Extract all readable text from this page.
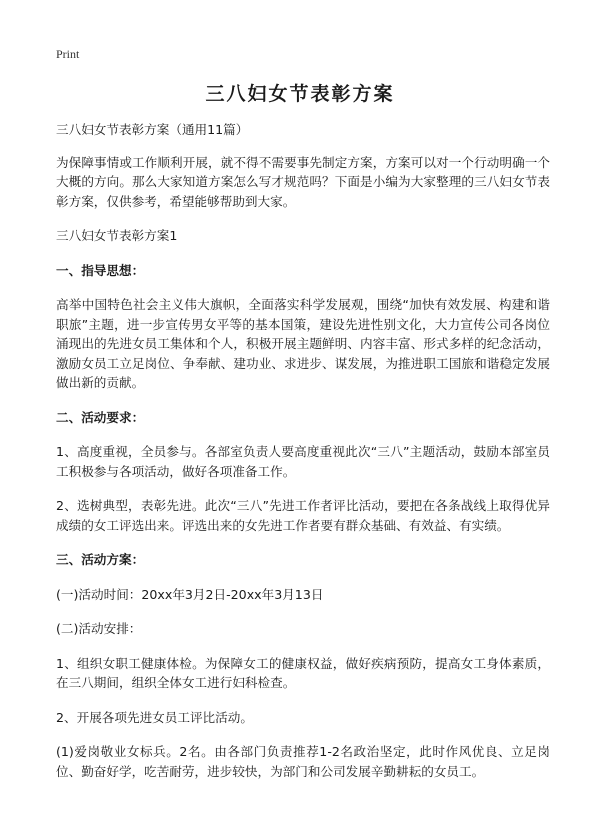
Print

三八妇女节表彰方案

三八妇女节表彰方案（通用11篇）

为保障事情或工作顺利开展，就不得不需要事先制定方案，方案可以对一个行动明确一个大概的方向。那么大家知道方案怎么写才规范吗？下面是小编为大家整理的三八妇女节表彰方案，仅供参考，希望能够帮助到大家。

三八妇女节表彰方案1

一、指导思想：

高举中国特色社会主义伟大旗帜，全面落实科学发展观，围绕“加快有效发展、构建和谐职旅”主题，进一步宣传男女平等的基本国策，建设先进性别文化，大力宣传公司各岗位涌现出的先进女员工集体和个人，积极开展主题鲜明、内容丰富、形式多样的纪念活动，激励女员工立足岗位、争奉献、建功业、求进步、谋发展，为推进职工国旅和谐稳定发展做出新的贡献。

二、活动要求：

1、高度重视，全员参与。各部室负责人要高度重视此次“三八”主题活动，鼓励本部室员工积极参与各项活动，做好各项准备工作。

2、选树典型，表彰先进。此次“三八”先进工作者评比活动，要把在各条战线上取得优异成绩的女工评选出来。评选出来的女先进工作者要有群众基础、有效益、有实绩。

三、活动方案：

(一)活动时间：20xx年3月2日-20xx年3月13日

(二)活动安排：

1、组织女职工健康体检。为保障女工的健康权益，做好疾病预防，提高女工身体素质，在三八期间，组织全体女工进行妇科检查。

2、开展各项先进女员工评比活动。

(1)爱岗敬业女标兵。2名。由各部门负责推荐1-2名政治坚定，此时作风优良、立足岗位、勤奋好学，吃苦耐劳，进步较快，为部门和公司发展辛勤耕耘的女员工。
